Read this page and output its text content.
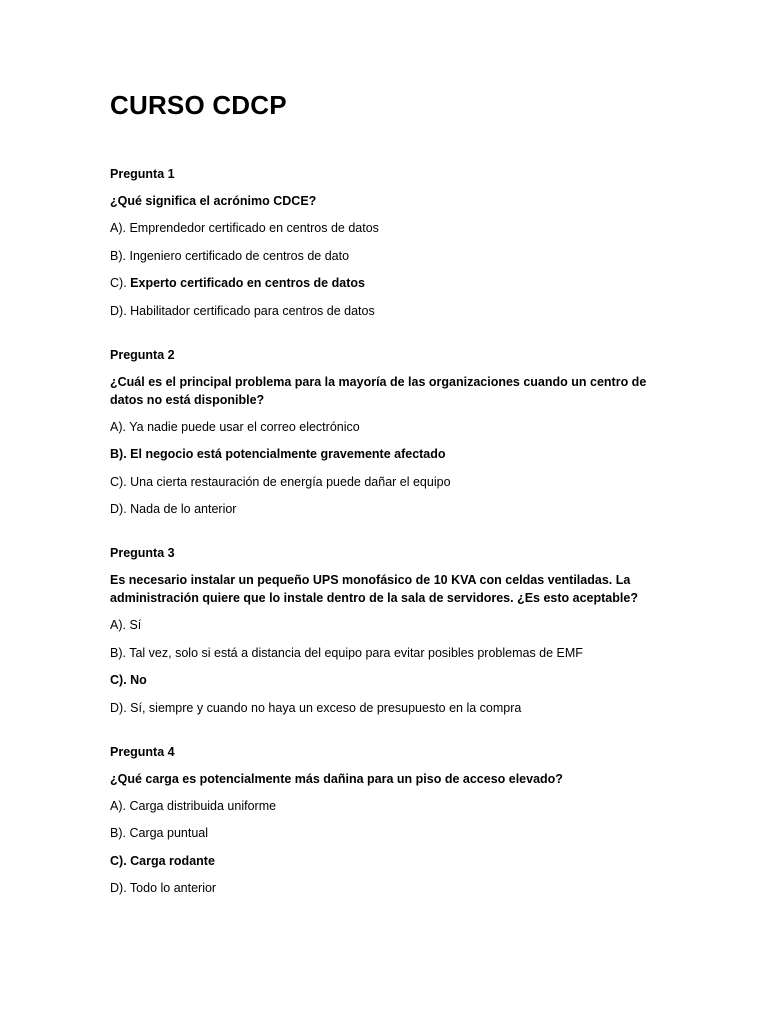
CURSO CDCP
Pregunta 1
¿Qué significa el acrónimo CDCE?
A). Emprendedor certificado en centros de datos
B). Ingeniero certificado de centros de dato
C). Experto certificado en centros de datos
D). Habilitador certificado para centros de datos
Pregunta 2
¿Cuál es el principal problema para la mayoría de las organizaciones cuando un centro de datos no está disponible?
A). Ya nadie puede usar el correo electrónico
B). El negocio está potencialmente gravemente afectado
C). Una cierta restauración de energía puede dañar el equipo
D). Nada de lo anterior
Pregunta 3
Es necesario instalar un pequeño UPS monofásico de 10 KVA con celdas ventiladas. La administración quiere que lo instale dentro de la sala de servidores. ¿Es esto aceptable?
A). Sí
B). Tal vez, solo si está a distancia del equipo para evitar posibles problemas de EMF
C). No
D). Sí, siempre y cuando no haya un exceso de presupuesto en la compra
Pregunta 4
¿Qué carga es potencialmente más dañina para un piso de acceso elevado?
A). Carga distribuida uniforme
B). Carga puntual
C). Carga rodante
D). Todo lo anterior
